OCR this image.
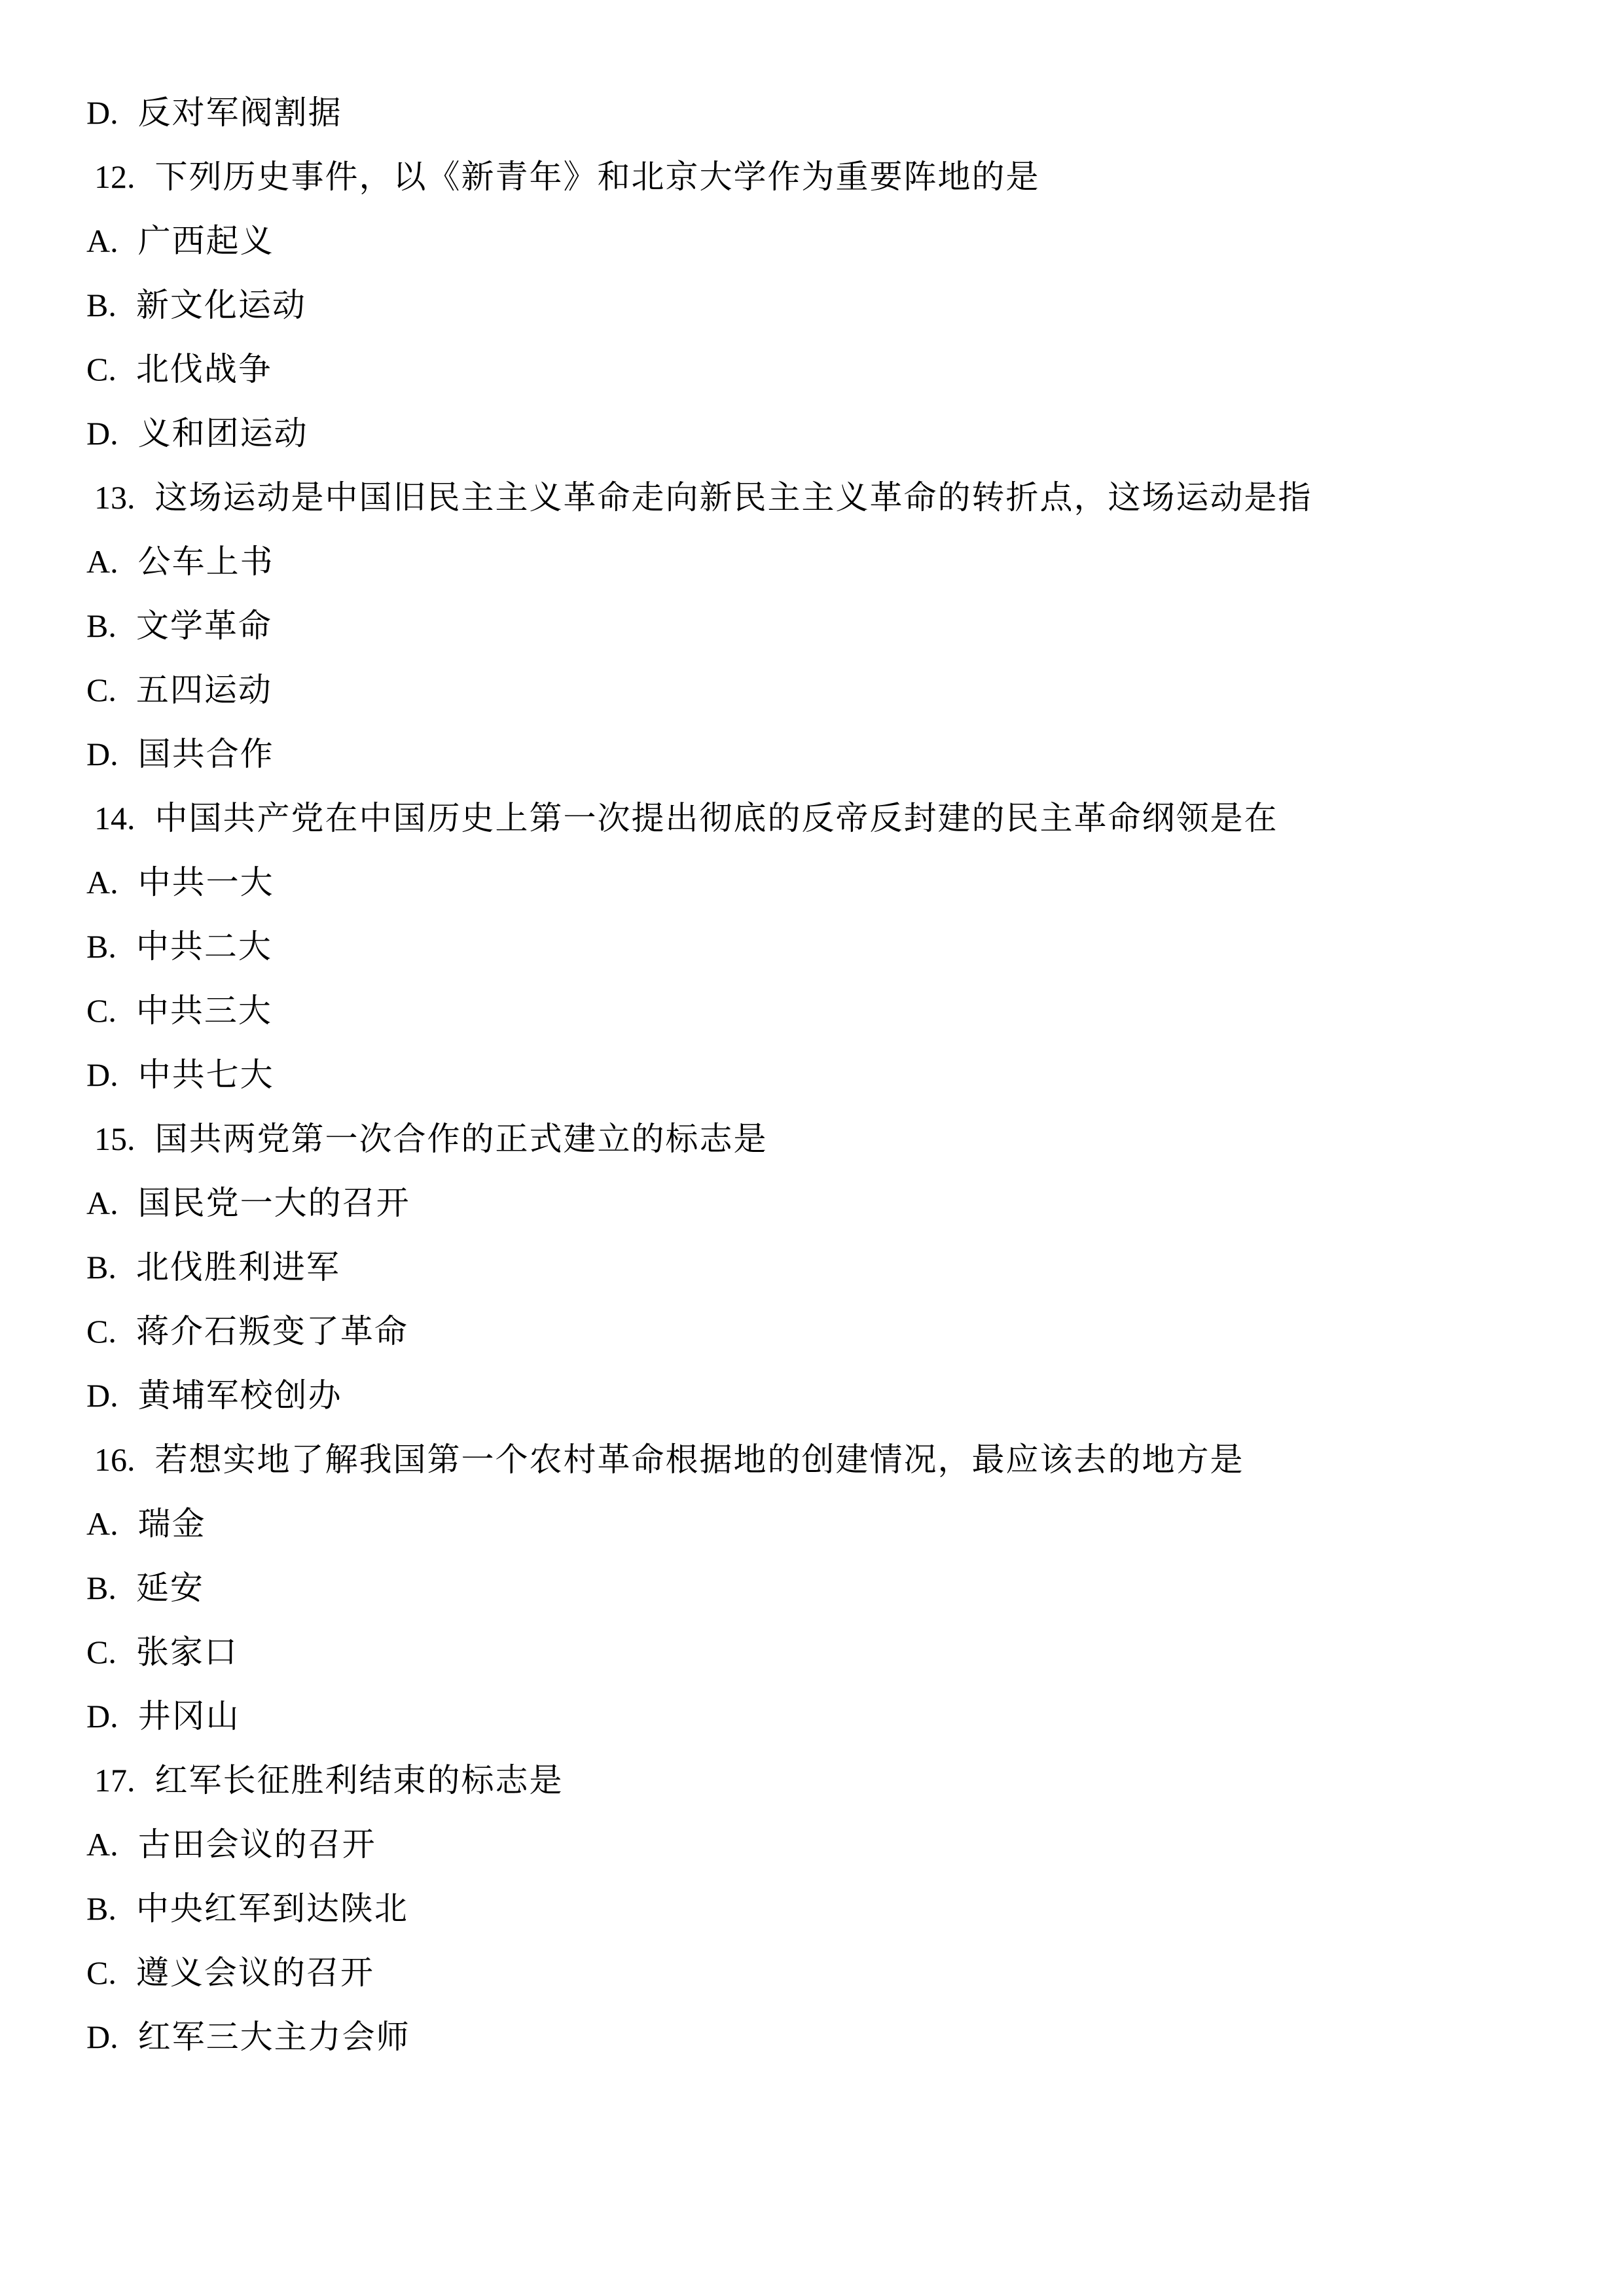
D. 反对军阀割据
12. 下列历史事件，以《新青年》和北京大学作为重要阵地的是
A. 广西起义
B. 新文化运动
C. 北伐战争
D. 义和团运动
13. 这场运动是中国旧民主主义革命走向新民主主义革命的转折点，这场运动是指
A. 公车上书
B. 文学革命
C. 五四运动
D. 国共合作
14. 中国共产党在中国历史上第一次提出彻底的反帝反封建的民主革命纲领是在
A. 中共一大
B. 中共二大
C. 中共三大
D. 中共七大
15. 国共两党第一次合作的正式建立的标志是
A. 国民党一大的召开
B. 北伐胜利进军
C. 蒋介石叛变了革命
D. 黄埔军校创办
16. 若想实地了解我国第一个农村革命根据地的创建情况，最应该去的地方是
A. 瑞金
B. 延安
C. 张家口
D. 井冈山
17. 红军长征胜利结束的标志是
A. 古田会议的召开
B. 中央红军到达陕北
C. 遵义会议的召开
D. 红军三大主力会师
